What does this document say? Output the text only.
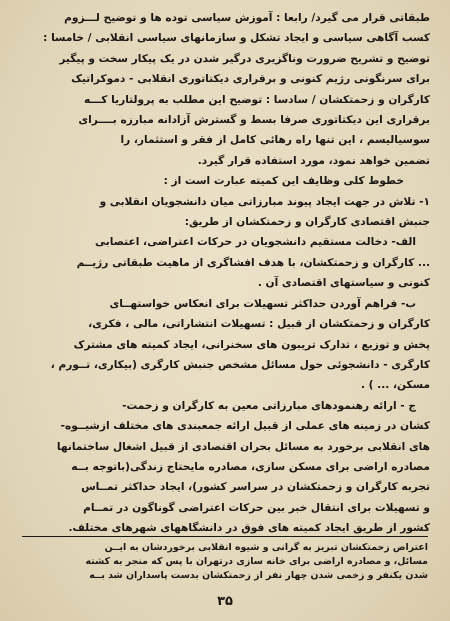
طبقاتی قرار می گیرد/ رابعا : آموزش سیاسی توده ها و توضیح لـــزوم

کسب آگاهی سیاسی و ایجاد تشکل و سازمانهای سیاسی انقلابی / خامسا :

توضیح و تشریح ضرورت وناگزیری درگیر شدن در یک پیکار سخت و پیگیر

برای سرنگونی رژیم کنونی و برقراری دیکتاتوری انقلابی - دموکراتیک

کارگران و زحمتکشان / سادسا : توضیح این مطلب به پرولتاریا کـــه

برقراری این دیکتاتوری صرفا بسط و گسترش آزادانه مبارزه بــــرای

سوسیالیسم ، این تنها راه رهائی کامل از فقر و استثمار، را

تضمین خواهد نمود، مورد استفاده قرار گیرد.

خطوط کلی وظایف این کمیته عبارت است از :

۱- تلاش در جهت ایجاد پیوند مبارزاتی میان دانشجویان انقلابی و

جنبش اقتصادی کارگران و زحمتکشان از طریق:

الف- دخالت مستقیم دانشجویان در حرکات اعتراضی، اعتصابی

... کارگران و زحمتکشان، با هدف افشاگری از ماهیت طبقاتی رژیــم

کنونی و سیاستهای اقتصادی آن .

ب- فراهم آوردن حداکثر تسهیلات برای انعکاس خواستهــای

کارگران و زحمتکشان از قبیل : تسهیلات انتشاراتی، مالی ، فکری،

پخش و توزیع ، تدارک تریبون های سخنرانی، ایجاد کمیته های مشترک

کارگری - دانشجوئی حول مسائل مشخص جنبش کارگری (بیکاری، تــورم ،

مسکن، ... ) .

ج - ارائه رهنمودهای مبارزاتی معین به کارگران و زحمت-

کشان در زمینه های عملی از قبیل ارائه جمعبندی های مختلف ازشیــوه-

های انقلابی برخورد به مسائل بحران اقتصادی از قبیل اشغال ساختمانها

مصادره اراضی برای مسکن سازی، مصادره مایحتاج زندگی(باتوجه بــه

تجربه کارگران و زحمتکشان در سراسر کشور)، ایجاد حداکثر تمــاس

و تسهیلات برای انتقال خبر بین حرکات اعتراضی گوناگون در تمــام

کشور از طریق ایجاد کمیته های فوق در دانشگاههای شهرهای مختلف.

اعتراض زحمتکشان تبریز به گرانی و شیوه انقلابی برخوردشان به ایــن

مسائل، و مصادره اراضی برای خانه سازی درتهران با پس که منجر به کشته

شدن یکنفر و زخمی شدن چهار نفر از زحمتکشان بدست پاسداران شد بــه

۳۵
